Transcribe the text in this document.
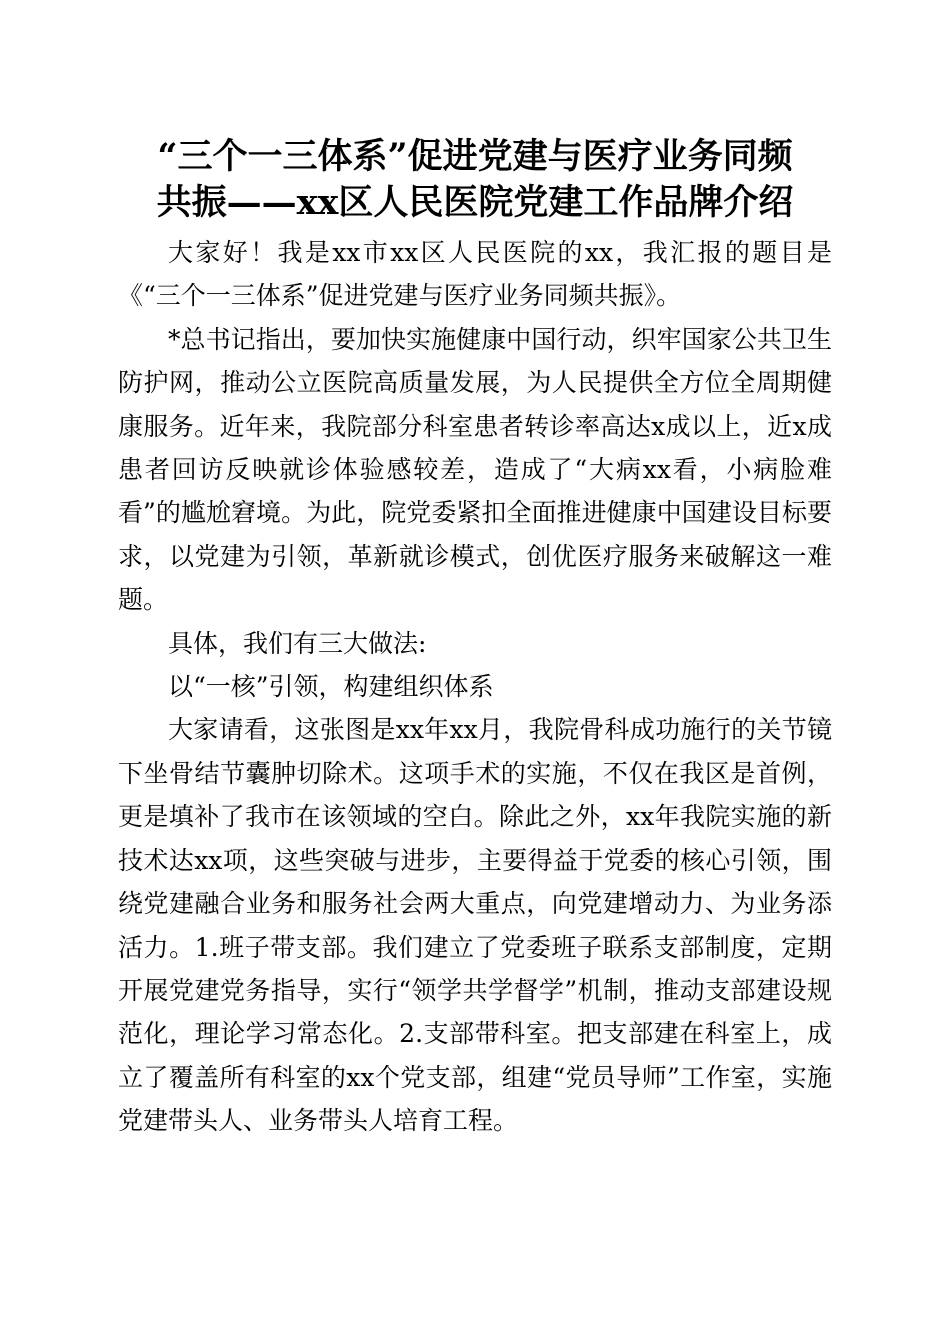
“三个一三体系”促进党建与医疗业务同频
共振——xx区人民医院党建工作品牌介绍

大家好！我是xx市xx区人民医院的xx，我汇报的题目是《“三个一三体系”促进党建与医疗业务同频共振》。

*总书记指出，要加快实施健康中国行动，织牢国家公共卫生防护网，推动公立医院高质量发展，为人民提供全方位全周期健康服务。近年来，我院部分科室患者转诊率高达x成以上，近x成患者回访反映就诊体验感较差，造成了“大病xx看，小病脸难看”的尴尬窘境。为此，院党委紧扣全面推进健康中国建设目标要求，以党建为引领，革新就诊模式，创优医疗服务来破解这一难题。

具体，我们有三大做法:

以“一核”引领，构建组织体系

大家请看，这张图是xx年xx月，我院骨科成功施行的关节镜下坐骨结节囊肿切除术。这项手术的实施，不仅在我区是首例，更是填补了我市在该领域的空白。除此之外，xx年我院实施的新技术达xx项，这些突破与进步，主要得益于党委的核心引领，围绕党建融合业务和服务社会两大重点，向党建增动力、为业务添活力。1.班子带支部。我们建立了党委班子联系支部制度，定期开展党建党务指导，实行“领学共学督学”机制，推动支部建设规范化，理论学习常态化。2.支部带科室。把支部建在科室上，成立了覆盖所有科室的xx个党支部，组建“党员导师”工作室，实施党建带头人、业务带头人培育工程。
